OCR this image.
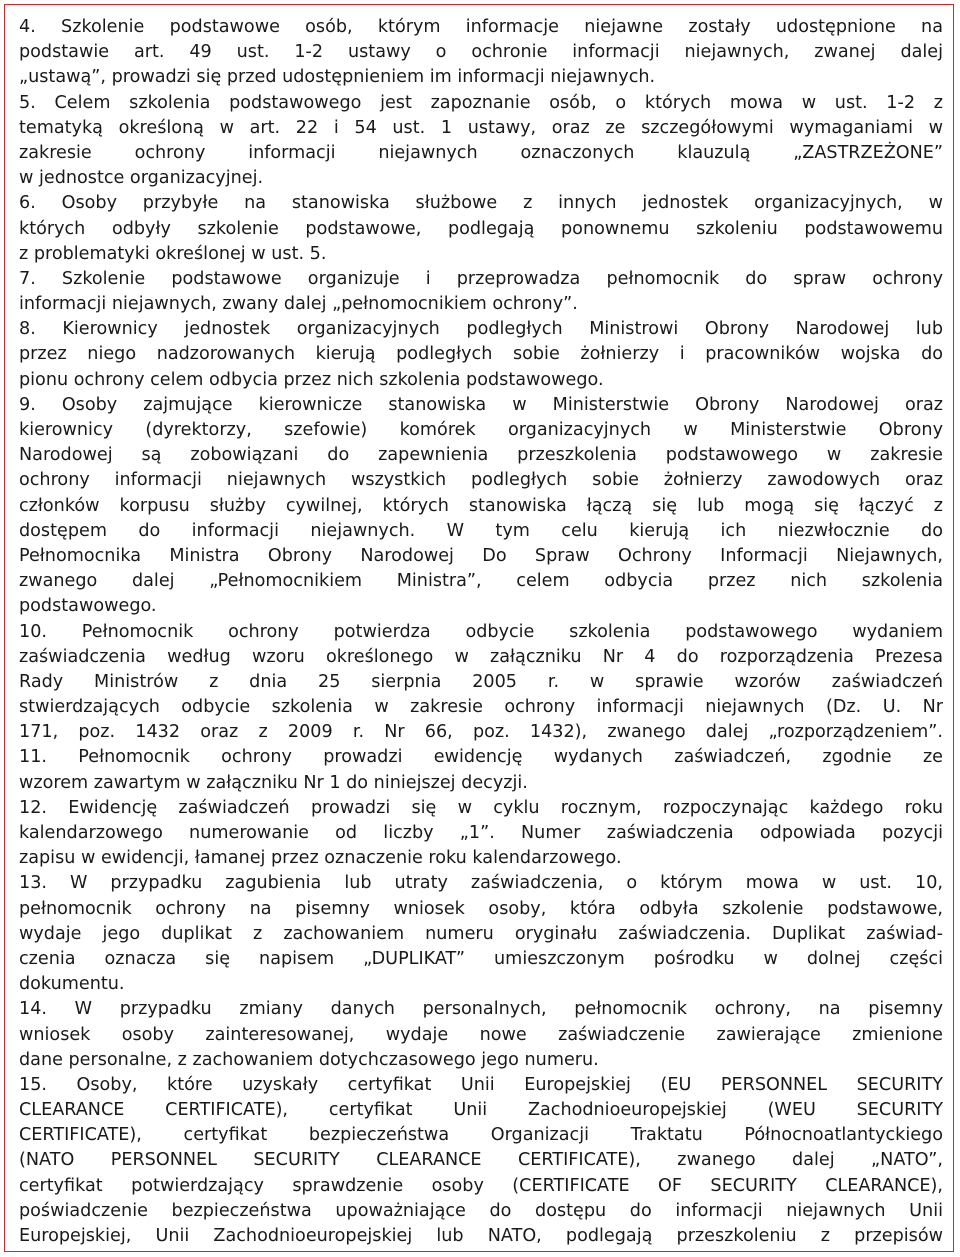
4. Szkolenie podstawowe osób, którym informacje niejawne zostały udostępnione na
podstawie art. 49 ust. 1-2 ustawy o ochronie informacji niejawnych, zwanej dalej
„ustawą”, prowadzi się przed udostępnieniem im informacji niejawnych.
5. Celem szkolenia podstawowego jest zapoznanie osób, o których mowa w ust. 1-2 z
tematyką określoną w art. 22 i 54 ust. 1 ustawy, oraz ze szczegółowymi wymaganiami w
zakresie ochrony informacji niejawnych oznaczonych klauzulą „ZASTRZEŻONE”
w jednostce organizacyjnej.
6. Osoby przybyłe na stanowiska służbowe z innych jednostek organizacyjnych, w
których odbyły szkolenie podstawowe, podlegają ponownemu szkoleniu podstawowemu
z problematyki określonej w ust. 5.
7. Szkolenie podstawowe organizuje i przeprowadza pełnomocnik do spraw ochrony
informacji niejawnych, zwany dalej „pełnomocnikiem ochrony”.
8. Kierownicy jednostek organizacyjnych podległych Ministrowi Obrony Narodowej lub
przez niego nadzorowanych kierują podległych sobie żołnierzy i pracowników wojska do
pionu ochrony celem odbycia przez nich szkolenia podstawowego.
9. Osoby zajmujące kierownicze stanowiska w Ministerstwie Obrony Narodowej oraz
kierownicy (dyrektorzy, szefowie) komórek organizacyjnych w Ministerstwie Obrony
Narodowej są zobowiązani do zapewnienia przeszkolenia podstawowego w zakresie
ochrony informacji niejawnych wszystkich podległych sobie żołnierzy zawodowych oraz
członków korpusu służby cywilnej, których stanowiska łączą się lub mogą się łączyć z
dostępem do informacji niejawnych. W tym celu kierują ich niezwłocznie do
Pełnomocnika Ministra Obrony Narodowej Do Spraw Ochrony Informacji Niejawnych,
zwanego dalej „Pełnomocnikiem Ministra”, celem odbycia przez nich szkolenia
podstawowego.
10. Pełnomocnik ochrony potwierdza odbycie szkolenia podstawowego wydaniem
zaświadczenia według wzoru określonego w załączniku Nr 4 do rozporządzenia Prezesa
Rady Ministrów z dnia 25 sierpnia 2005 r. w sprawie wzorów zaświadczeń
stwierdzających odbycie szkolenia w zakresie ochrony informacji niejawnych (Dz. U. Nr
171, poz. 1432 oraz z 2009 r. Nr 66, poz. 1432), zwanego dalej „rozporządzeniem”.
11. Pełnomocnik ochrony prowadzi ewidencję wydanych zaświadczeń, zgodnie ze
wzorem zawartym w załączniku Nr 1 do niniejszej decyzji.
12. Ewidencję zaświadczeń prowadzi się w cyklu rocznym, rozpoczynając każdego roku
kalendarzowego numerowanie od liczby „1”. Numer zaświadczenia odpowiada pozycji
zapisu w ewidencji, łamanej przez oznaczenie roku kalendarzowego.
13. W przypadku zagubienia lub utraty zaświadczenia, o którym mowa w ust. 10,
pełnomocnik ochrony na pisemny wniosek osoby, która odbyła szkolenie podstawowe,
wydaje jego duplikat z zachowaniem numeru oryginału zaświadczenia. Duplikat zaświad-
czenia oznacza się napisem „DUPLIKAT” umieszczonym pośrodku w dolnej części
dokumentu.
14. W przypadku zmiany danych personalnych, pełnomocnik ochrony, na pisemny
wniosek osoby zainteresowanej, wydaje nowe zaświadczenie zawierające zmienione
dane personalne, z zachowaniem dotychczasowego jego numeru.
15. Osoby, które uzyskały certyfikat Unii Europejskiej (EU PERSONNEL SECURITY
CLEARANCE CERTIFICATE), certyfikat Unii Zachodnioeuropejskiej (WEU SECURITY
CERTIFICATE), certyfikat bezpieczeństwa Organizacji Traktatu Północnoatlantyckiego
(NATO PERSONNEL SECURITY CLEARANCE CERTIFICATE), zwanego dalej „NATO”,
certyfikat potwierdzający sprawdzenie osoby (CERTIFICATE OF SECURITY CLEARANCE),
poświadczenie bezpieczeństwa upoważniające do dostępu do informacji niejawnych Unii
Europejskiej, Unii Zachodnioeuropejskiej lub NATO, podlegają przeszkoleniu z przepisów
